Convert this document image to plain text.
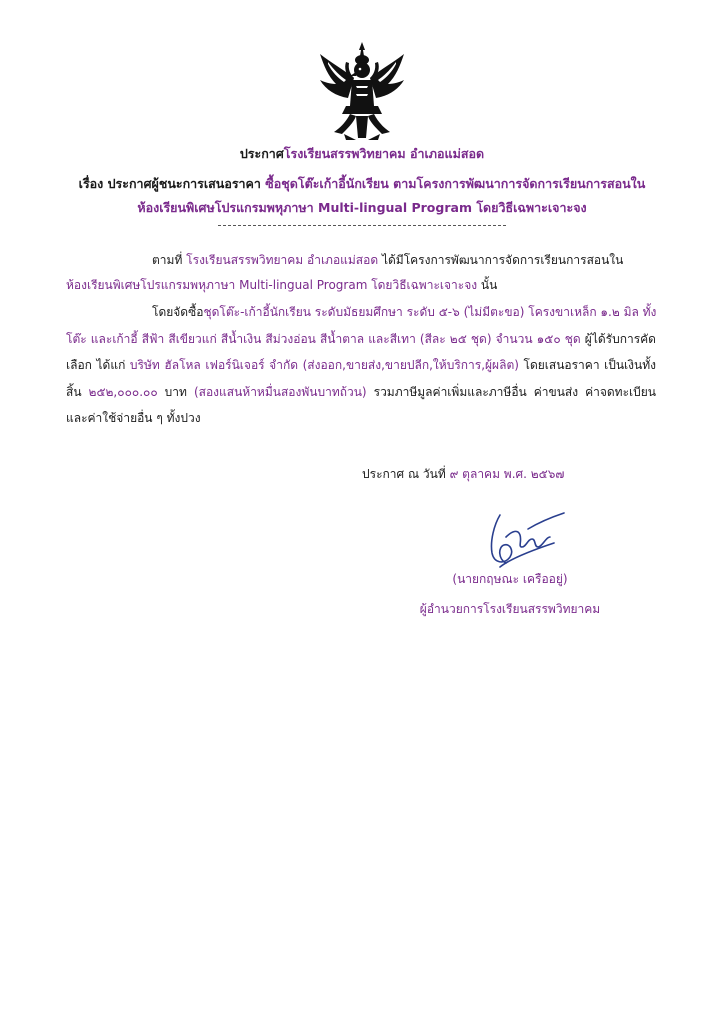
ประกาศโรงเรียนสรรพวิทยาคม อำเภอแม่สอด
เรื่อง ประกาศผู้ชนะการเสนอราคา ซื้อชุดโต๊ะเก้าอี้นักเรียน ตามโครงการพัฒนาการจัดการเรียนการสอนใน
ห้องเรียนพิเศษโปรแกรมพหุภาษา Multi-lingual Program โดยวิธีเฉพาะเจาะจง
ตามที่ โรงเรียนสรรพวิทยาคม อำเภอแม่สอด ได้มีโครงการพัฒนาการจัดการเรียนการสอนใน
ห้องเรียนพิเศษโปรแกรมพหุภาษา Multi-lingual Program โดยวิธีเฉพาะเจาะจง นั้น
โดยจัดซื้อชุดโต๊ะ-เก้าอี้นักเรียน ระดับมัธยมศึกษา ระดับ ๕-๖ (ไม่มีตะขอ) โครงขาเหล็ก ๑.๒ มิล ทั้ง
โต๊ะ และเก้าอี้ สีฟ้า สีเขียวแก่ สีน้ำเงิน สีม่วงอ่อน สีน้ำตาล และสีเทา (สีละ ๒๕ ชุด) จำนวน ๑๕๐ ชุด ผู้ได้รับการคัด
เลือก ได้แก่ บริษัท ฮัลโหล เฟอร์นิเจอร์ จำกัด (ส่งออก,ขายส่ง,ขายปลีก,ให้บริการ,ผู้ผลิต) โดยเสนอราคา เป็นเงินทั้ง
สิ้น ๒๕๒,๐๐๐.๐๐ บาท (สองแสนห้าหมื่นสองพันบาทถ้วน) รวมภาษีมูลค่าเพิ่มและภาษีอื่น ค่าขนส่ง ค่าจดทะเบียน
และค่าใช้จ่ายอื่น ๆ ทั้งปวง
ประกาศ ณ วันที่ ๙ ตุลาคม พ.ศ. ๒๕๖๗
(นายกฤษณะ เครืออยู่)
ผู้อำนวยการโรงเรียนสรรพวิทยาคม
